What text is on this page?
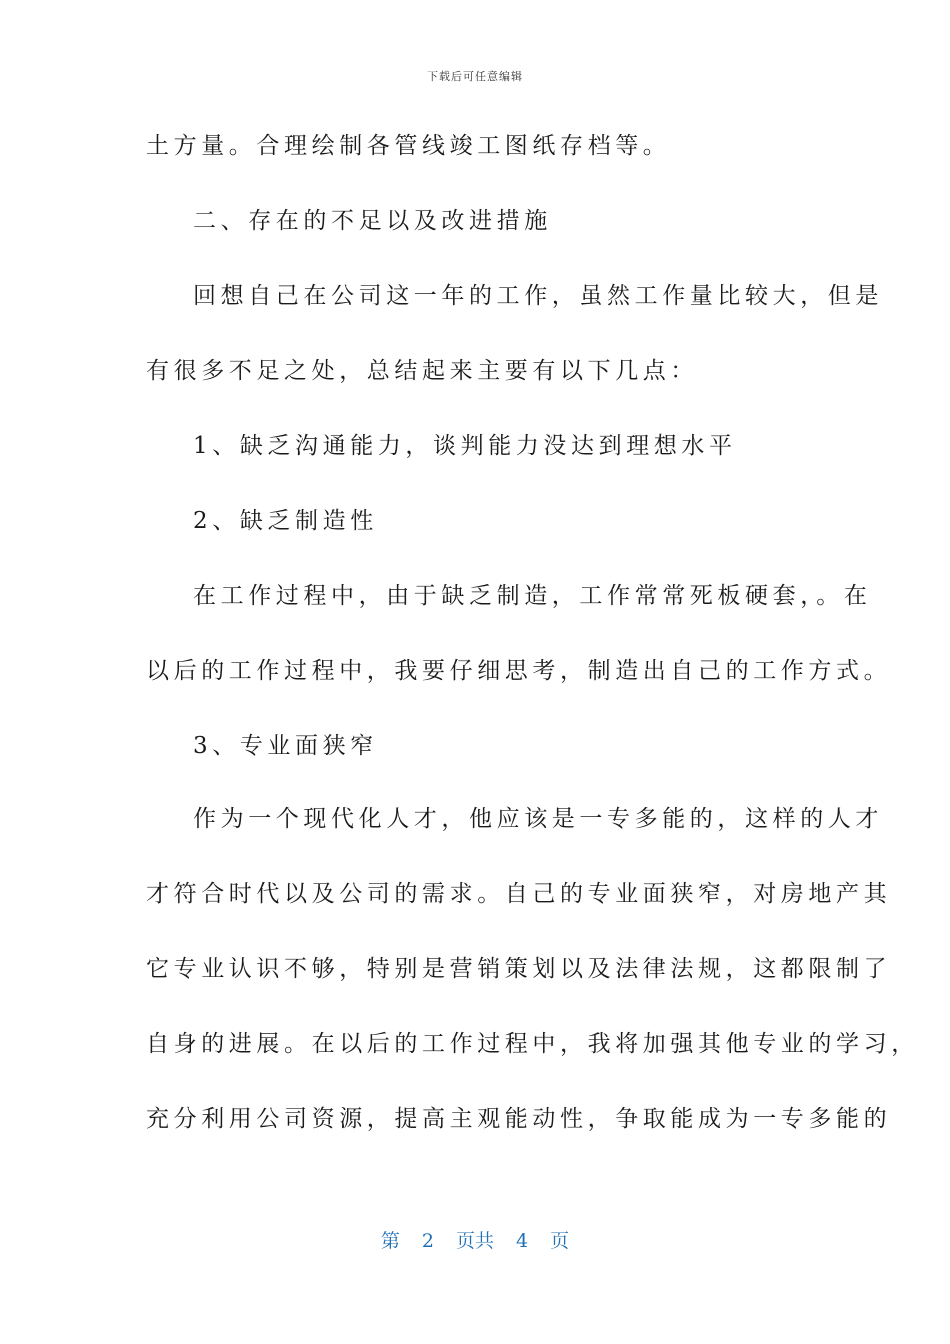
下载后可任意编辑
土方量。合理绘制各管线竣工图纸存档等。
二、存在的不足以及改进措施
回想自己在公司这一年的工作，虽然工作量比较大，但是
有很多不足之处，总结起来主要有以下几点：
1、缺乏沟通能力，谈判能力没达到理想水平
2、缺乏制造性
在工作过程中，由于缺乏制造，工作常常死板硬套，。在
以后的工作过程中，我要仔细思考，制造出自己的工作方式。
3、专业面狭窄
作为一个现代化人才，他应该是一专多能的，这样的人才
才符合时代以及公司的需求。自己的专业面狭窄，对房地产其
它专业认识不够，特别是营销策划以及法律法规，这都限制了
自身的进展。在以后的工作过程中，我将加强其他专业的学习，
充分利用公司资源，提高主观能动性，争取能成为一专多能的
第 2 页共 4 页
